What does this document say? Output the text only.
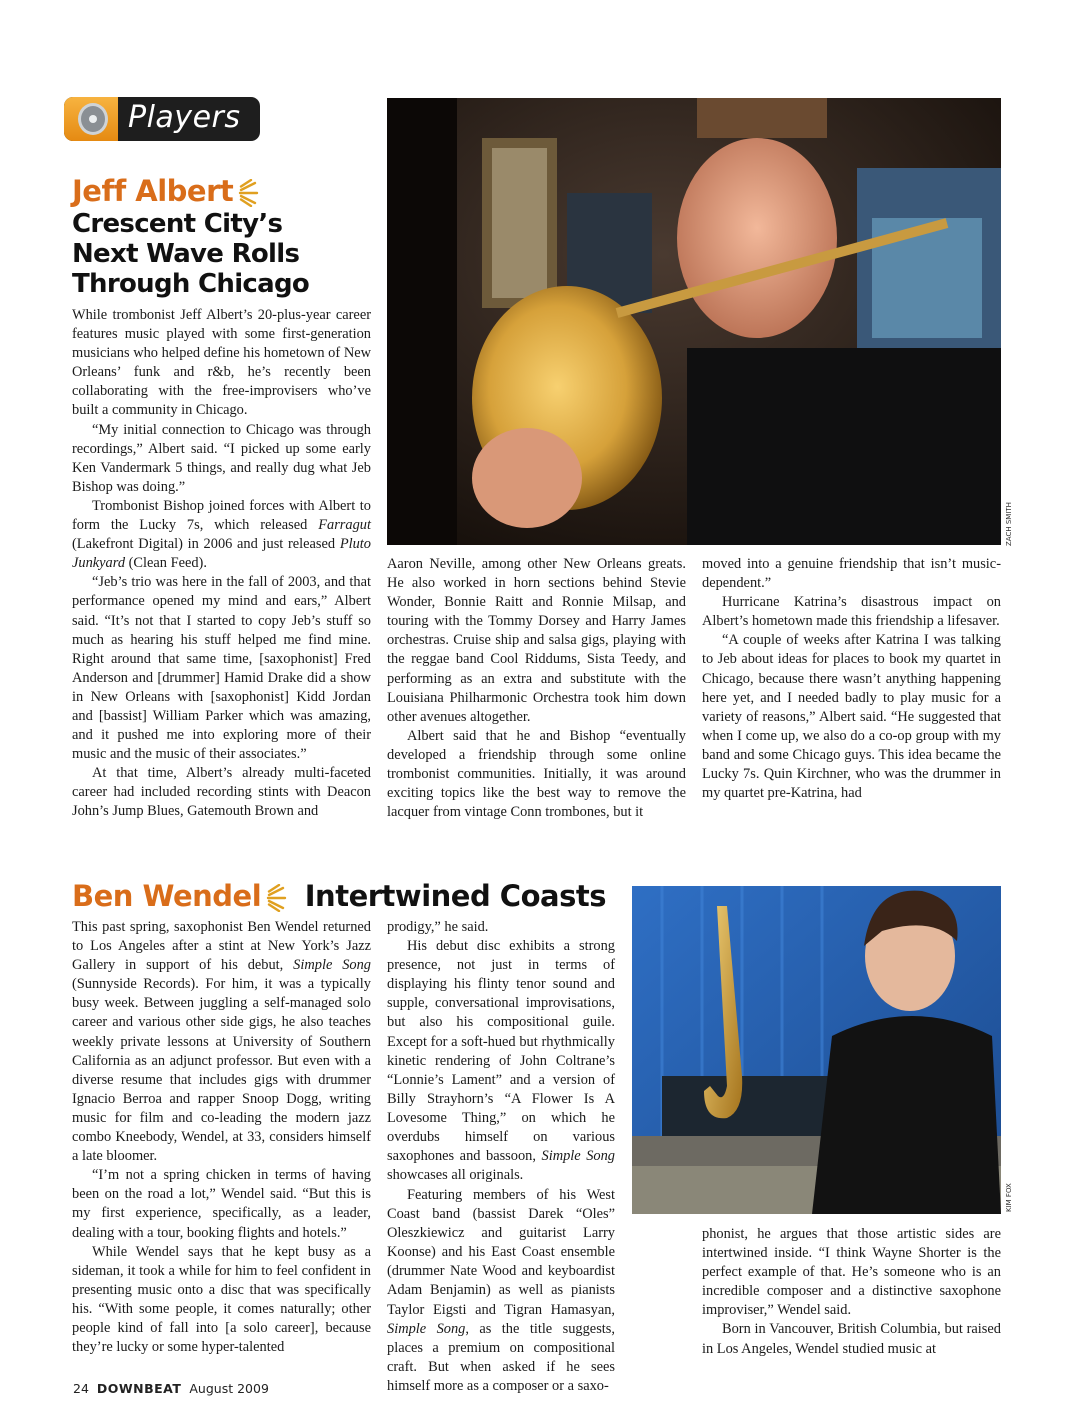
Players
Jeff Albert
Crescent City’s
Next Wave Rolls
Through Chicago

While trombonist Jeff Albert’s 20-plus-year career features music played with some first-generation musicians who helped define his hometown of New Orleans’ funk and r&b, he’s recently been collaborating with the free-improvisers who’ve built a community in Chicago.

“My initial connection to Chicago was through recordings,” Albert said. “I picked up some early Ken Vandermark 5 things, and really dug what Jeb Bishop was doing.”

Trombonist Bishop joined forces with Albert to form the Lucky 7s, which released Farragut (Lakefront Digital) in 2006 and just released Pluto Junkyard (Clean Feed).

“Jeb’s trio was here in the fall of 2003, and that performance opened my mind and ears,” Albert said. “It’s not that I started to copy Jeb’s stuff so much as hearing his stuff helped me find mine. Right around that same time, [saxophonist] Fred Anderson and [drummer] Hamid Drake did a show in New Orleans with [saxophonist] Kidd Jordan and [bassist] William Parker which was amazing, and it pushed me into exploring more of their music and the music of their associates.”

At that time, Albert’s already multi-faceted career had included recording stints with Deacon John’s Jump Blues, Gatemouth Brown and

ZACH SMITH

Aaron Neville, among other New Orleans greats. He also worked in horn sections behind Stevie Wonder, Bonnie Raitt and Ronnie Milsap, and touring with the Tommy Dorsey and Harry James orchestras. Cruise ship and salsa gigs, playing with the reggae band Cool Riddums, Sista Teedy, and performing as an extra and substitute with the Louisiana Philharmonic Orchestra took him down other avenues altogether.

Albert said that he and Bishop “eventually developed a friendship through some online trombonist communities. Initially, it was around exciting topics like the best way to remove the lacquer from vintage Conn trombones, but it

moved into a genuine friendship that isn’t music-dependent.”

Hurricane Katrina’s disastrous impact on Albert’s hometown made this friendship a lifesaver.

“A couple of weeks after Katrina I was talking to Jeb about ideas for places to book my quartet in Chicago, because there wasn’t anything happening here yet, and I needed badly to play music for a variety of reasons,” Albert said. “He suggested that when I come up, we also do a co-op group with my band and some Chicago guys. This idea became the Lucky 7s. Quin Kirchner, who was the drummer in my quartet pre-Katrina, had

Ben Wendel Intertwined Coasts

This past spring, saxophonist Ben Wendel returned to Los Angeles after a stint at New York’s Jazz Gallery in support of his debut, Simple Song (Sunnyside Records). For him, it was a typically busy week. Between juggling a self-managed solo career and various other side gigs, he also teaches weekly private lessons at University of Southern California as an adjunct professor. But even with a diverse resume that includes gigs with drummer Ignacio Berroa and rapper Snoop Dogg, writing music for film and co-leading the modern jazz combo Kneebody, Wendel, at 33, considers himself a late bloomer.

“I’m not a spring chicken in terms of having been on the road a lot,” Wendel said. “But this is my first experience, specifically, as a leader, dealing with a tour, booking flights and hotels.”

While Wendel says that he kept busy as a sideman, it took a while for him to feel confident in presenting music onto a disc that was specifically his. “With some people, it comes naturally; other people kind of fall into [a solo career], because they’re lucky or some hyper-talented

prodigy,” he said.

His debut disc exhibits a strong presence, not just in terms of displaying his flinty tenor sound and supple, conversational improvisations, but also his compositional guile. Except for a soft-hued but rhythmically kinetic rendering of John Coltrane’s “Lonnie’s Lament” and a version of Billy Strayhorn’s “A Flower Is A Lovesome Thing,” on which he overdubs himself on various saxophones and bassoon, Simple Song showcases all originals.

Featuring members of his West Coast band (bassist Darek “Oles” Oleszkiewicz and guitarist Larry Koonse) and his East Coast ensemble (drummer Nate Wood and keyboardist Adam Benjamin) as well as pianists Taylor Eigsti and Tigran Hamasyan, Simple Song, as the title suggests, places a premium on compositional craft. But when asked if he sees himself more as a composer or a saxo-

KIM FOX

phonist, he argues that those artistic sides are intertwined inside. “I think Wayne Shorter is the perfect example of that. He’s someone who is an incredible composer and a distinctive saxophone improviser,” Wendel said.

Born in Vancouver, British Columbia, but raised in Los Angeles, Wendel studied music at

24 DOWNBEAT August 2009
